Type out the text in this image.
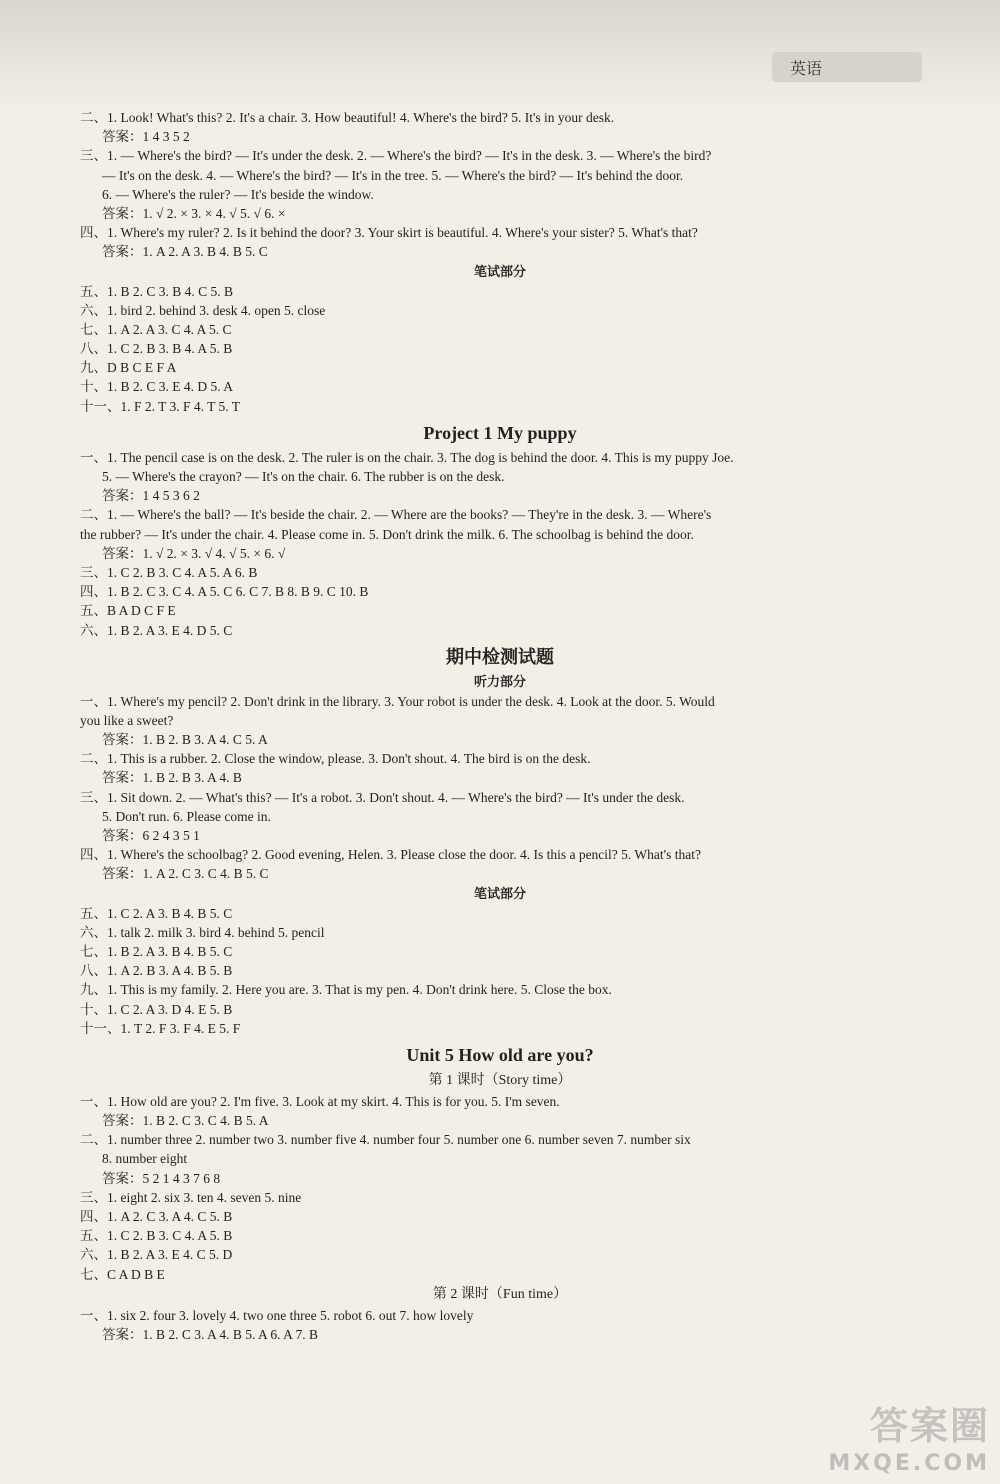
英语
二、1. Look! What's this? 2. It's a chair. 3. How beautiful! 4. Where's the bird? 5. It's in your desk.
答案：1 4 3 5 2
三、1. — Where's the bird? — It's under the desk. 2. — Where's the bird? — It's in the desk. 3. — Where's the bird?
— It's on the desk. 4. — Where's the bird? — It's in the tree. 5. — Where's the bird? — It's behind the door.
6. — Where's the ruler? — It's beside the window.
答案：1. √ 2. × 3. × 4. √ 5. √ 6. ×
四、1. Where's my ruler? 2. Is it behind the door? 3. Your skirt is beautiful. 4. Where's your sister? 5. What's that?
答案：1. A 2. A 3. B 4. B 5. C
笔试部分
五、1. B 2. C 3. B 4. C 5. B
六、1. bird 2. behind 3. desk 4. open 5. close
七、1. A 2. A 3. C 4. A 5. C
八、1. C 2. B 3. B 4. A 5. B
九、D B C E F A
十、1. B 2. C 3. E 4. D 5. A
十一、1. F 2. T 3. F 4. T 5. T
Project 1 My puppy
一、1. The pencil case is on the desk. 2. The ruler is on the chair. 3. The dog is behind the door. 4. This is my puppy Joe.
5. — Where's the crayon? — It's on the chair. 6. The rubber is on the desk.
答案：1 4 5 3 6 2
二、1. — Where's the ball? — It's beside the chair. 2. — Where are the books? — They're in the desk. 3. — Where's
the rubber? — It's under the chair. 4. Please come in. 5. Don't drink the milk. 6. The schoolbag is behind the door.
答案：1. √ 2. × 3. √ 4. √ 5. × 6. √
三、1. C 2. B 3. C 4. A 5. A 6. B
四、1. B 2. C 3. C 4. A 5. C 6. C 7. B 8. B 9. C 10. B
五、B A D C F E
六、1. B 2. A 3. E 4. D 5. C
期中检测试题
听力部分
一、1. Where's my pencil? 2. Don't drink in the library. 3. Your robot is under the desk. 4. Look at the door. 5. Would
you like a sweet?
答案：1. B 2. B 3. A 4. C 5. A
二、1. This is a rubber. 2. Close the window, please. 3. Don't shout. 4. The bird is on the desk.
答案：1. B 2. B 3. A 4. B
三、1. Sit down. 2. — What's this? — It's a robot. 3. Don't shout. 4. — Where's the bird? — It's under the desk.
5. Don't run. 6. Please come in.
答案：6 2 4 3 5 1
四、1. Where's the schoolbag? 2. Good evening, Helen. 3. Please close the door. 4. Is this a pencil? 5. What's that?
答案：1. A 2. C 3. C 4. B 5. C
笔试部分
五、1. C 2. A 3. B 4. B 5. C
六、1. talk 2. milk 3. bird 4. behind 5. pencil
七、1. B 2. A 3. B 4. B 5. C
八、1. A 2. B 3. A 4. B 5. B
九、1. This is my family. 2. Here you are. 3. That is my pen. 4. Don't drink here. 5. Close the box.
十、1. C 2. A 3. D 4. E 5. B
十一、1. T 2. F 3. F 4. E 5. F
Unit 5 How old are you?
第 1 课时（Story time）
一、1. How old are you? 2. I'm five. 3. Look at my skirt. 4. This is for you. 5. I'm seven.
答案：1. B 2. C 3. C 4. B 5. A
二、1. number three 2. number two 3. number five 4. number four 5. number one 6. number seven 7. number six
8. number eight
答案：5 2 1 4 3 7 6 8
三、1. eight 2. six 3. ten 4. seven 5. nine
四、1. A 2. C 3. A 4. C 5. B
五、1. C 2. B 3. C 4. A 5. B
六、1. B 2. A 3. E 4. C 5. D
七、C A D B E
第 2 课时（Fun time）
一、1. six 2. four 3. lovely 4. two one three 5. robot 6. out 7. how lovely
答案：1. B 2. C 3. A 4. B 5. A 6. A 7. B
答案圈
MXQE.COM
